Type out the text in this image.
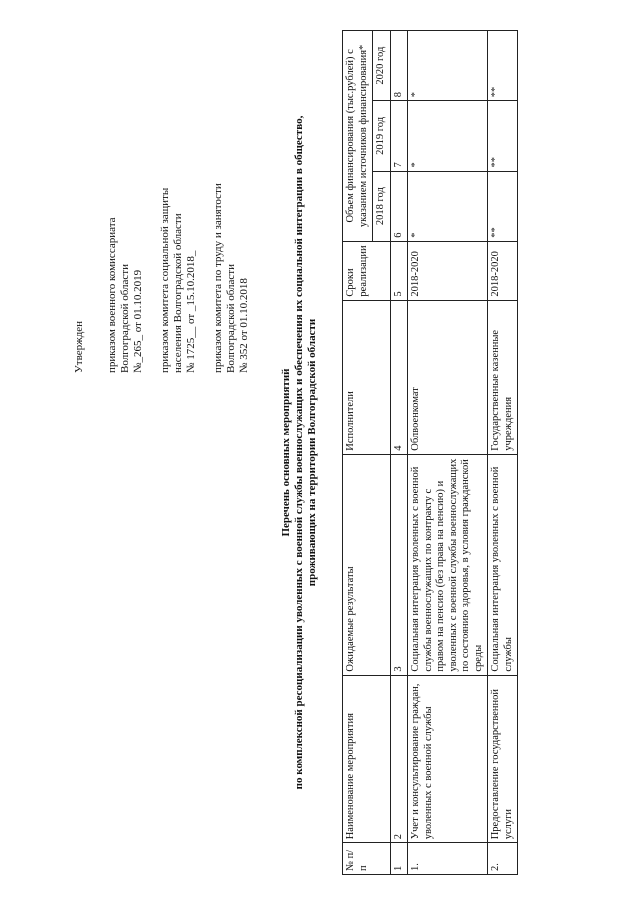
Утвержден приказом военного комиссариата Волгоградской области №_265_ от 01.10.2019 приказом комитета социальной защиты населения Волгоградской области № 1725__ от _15.10.2018_ приказом комитета по труду и занятости Волгоградской области № 352 от 01.10.2018
Перечень основных мероприятий по комплексной ресоциализации уволенных с военной службы военнослужащих и обеспечения их социальной интеграции в общество, проживающих на территории Волгоградской области
№ п/п	Наименование мероприятия	Ожидаемые результаты	Исполнители	Сроки реализации	Объем финансирования (тыс.рублей) с указанием источников финансирования*		
					2018 год	2019 год	2020 год
1	2	3	4	5	6	7	8
1.	Учет и консультирование граждан, уволенных с военной службы	Социальная интеграция уволенных с военной службы военнослужащих по контракту с правом на пенсию (без права на пенсию) и уволенных с военной службы военнослужащих по состоянию здоровья, в условия гражданской среды	Облвоенкомат	2018-2020	*	*	*
2.	Предоставление государственной услуги	Социальная интеграция уволенных с военной службы	Государственные казенные учреждения	2018-2020	**	**	**
